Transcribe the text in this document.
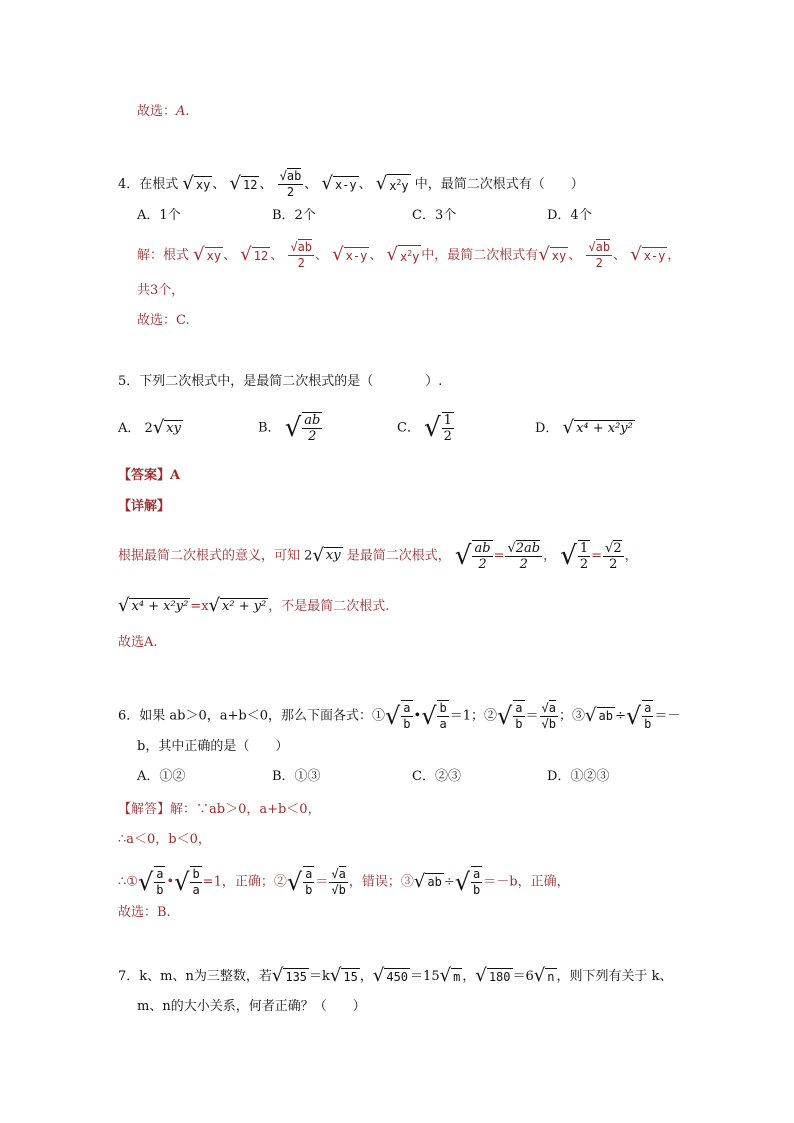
故选：A.
4．在根式 √ xy 、 √ 12 、 $\frac{√ab}{2}$ 、 √ x-y 、 √ $x^2y$ 中，最简二次根式有（　　）
A．1个	B．2个	C．3个	D．4个
解：根式 √ xy 、 √ 12 、 $\frac{√ab}{2}$ 、 √ x-y 、 √ $x^2y$ 中，最简二次根式有√ xy 、 $\frac{√ab}{2}$ 、 √ x-y ，
共3个，
故选：C.
5．下列二次根式中，是最简二次根式的是（　　　　）.
A． 2√ xy	B． √ $\frac{ab}{2}$	C． √ $\frac{1}{2}$	D． √ x⁴ + x²y²
【答案】A
【详解】
根据最简二次根式的意义，可知 2√ xy 是最简二次根式， √ $\frac{ab}{2} = \frac{√2ab}{2}$ ， √ $\frac{1}{2} = \frac{√2}{2}$ ，
√ x⁴ + x²y² =x√ x² + y² ，不是最简二次根式.
故选A.
6．如果 ab＞0，a+b＜0，那么下面各式：①√ $\frac{a}{b}$ •√ $\frac{b}{a} =1$；②√ $\frac{a}{b} = \frac{√a}{√b}$ ；③√ ab ÷√ $\frac{a}{b}$ ＝－
b，其中正确的是（　　）
A．①②	B．①③	C．②③	D．①②③
【解答】解：∵ab＞0，a+b＜0，
∴a＜0，b＜0，
∴①√ $\frac{a}{b}$ •√ $\frac{b}{a} =1$，正确；②√ $\frac{a}{b} = \frac{√a}{√b}$ ，错误；③√ ab ÷√ $\frac{a}{b} =-b$，正确，
故选：B.
7．k、m、n为三整数，若√ 135 ＝k√ 15 ，√ 450 ＝15√ m ，√ 180 ＝6√ n ，则下列有关于 k、
m、n的大小关系，何者正确？（　　）
